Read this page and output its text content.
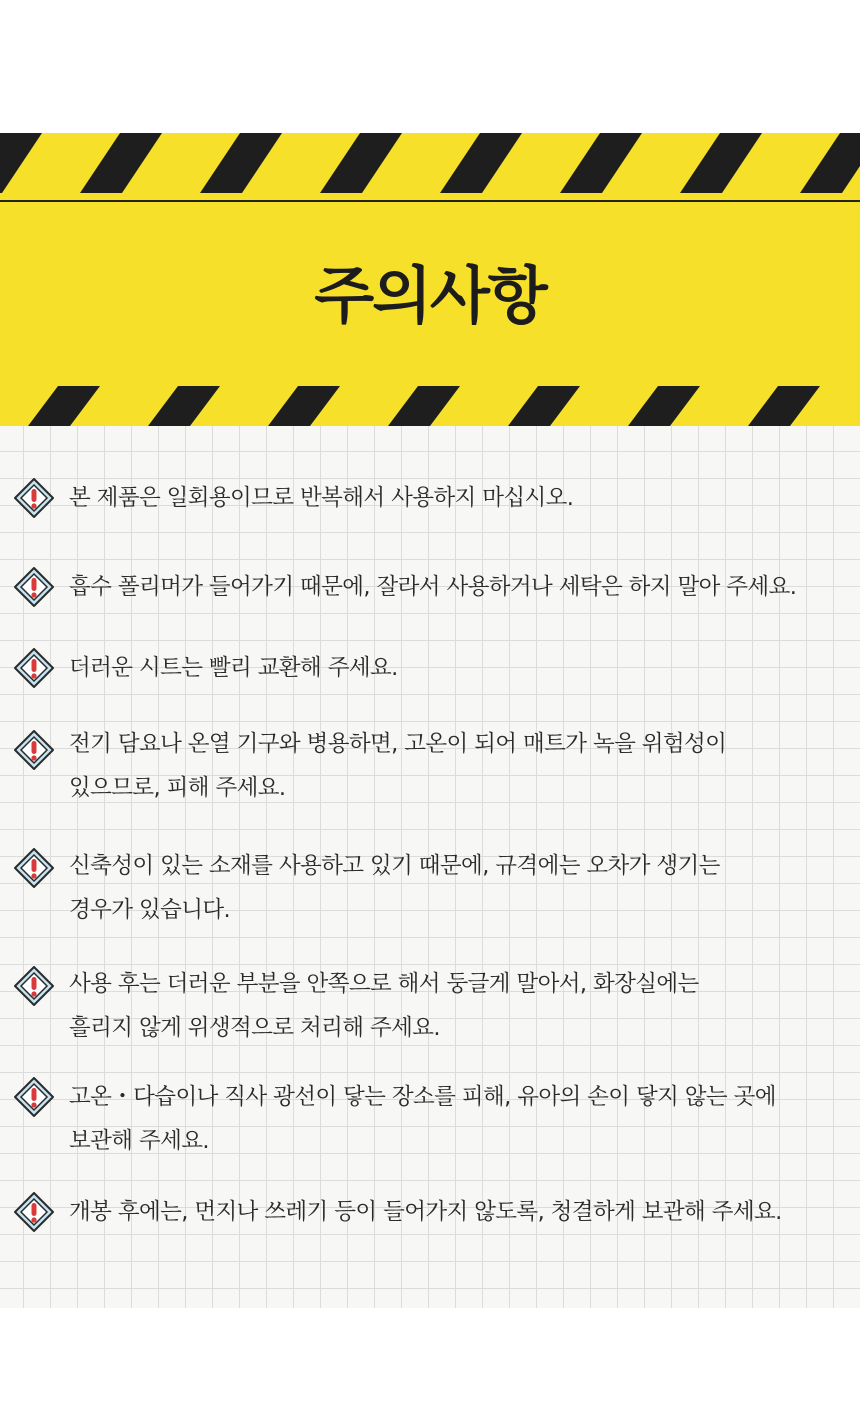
주의사항
본 제품은 일회용이므로 반복해서 사용하지 마십시오.
흡수 폴리머가 들어가기 때문에, 잘라서 사용하거나 세탁은 하지 말아 주세요.
더러운 시트는 빨리 교환해 주세요.
전기 담요나 온열 기구와 병용하면, 고온이 되어 매트가 녹을 위험성이
있으므로, 피해 주세요.
신축성이 있는 소재를 사용하고 있기 때문에, 규격에는 오차가 생기는
경우가 있습니다.
사용 후는 더러운 부분을 안쪽으로 해서 둥글게 말아서, 화장실에는
흘리지 않게 위생적으로 처리해 주세요.
고온・다습이나 직사 광선이 닿는 장소를 피해, 유아의 손이 닿지 않는 곳에
보관해 주세요.
개봉 후에는, 먼지나 쓰레기 등이 들어가지 않도록, 청결하게 보관해 주세요.
